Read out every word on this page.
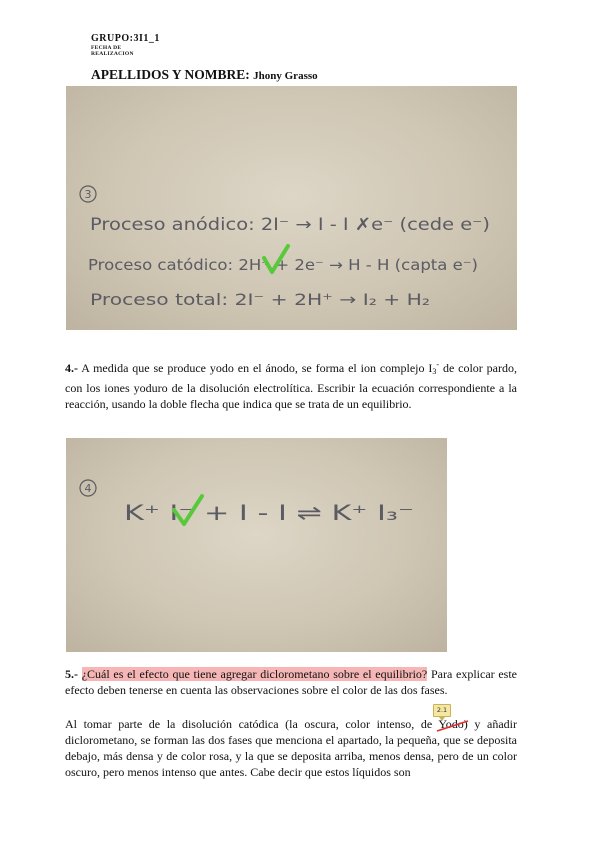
GRUPO:3I1_1
FECHA DE
REALIZACION
APELLIDOS Y NOMBRE: Jhony Grasso
3
Proceso anódico: 2I⁻ → I - I ✗e⁻ (cede e⁻)
Proceso catódico: 2H⁺ + 2e⁻ → H - H (capta e⁻)
Proceso total: 2I⁻ + 2H⁺ → I₂ + H₂
4.- A medida que se produce yodo en el ánodo, se forma el ion complejo $I_3^-$ de color pardo, con los iones yoduro de la disolución electrolítica. Escribir la ecuación correspondiente a la reacción, usando la doble flecha que indica que se trata de un equilibrio.
4
K⁺ I⁻ + I - I ⇌ K⁺ I₃⁻
5.- ¿Cuál es el efecto que tiene agregar diclorometano sobre el equilibrio? Para explicar este efecto deben tenerse en cuenta las observaciones sobre el color de las dos fases.
2.1
Al tomar parte de la disolución catódica (la oscura, color intenso, de Yodo)
y añadir diclorometano, se forman las dos fases que menciona el apartado, la pequeña, que se deposita debajo, más densa y de color rosa, y la que se deposita arriba, menos densa, pero de un color oscuro, pero menos intenso que antes. Cabe decir que estos líquidos son
